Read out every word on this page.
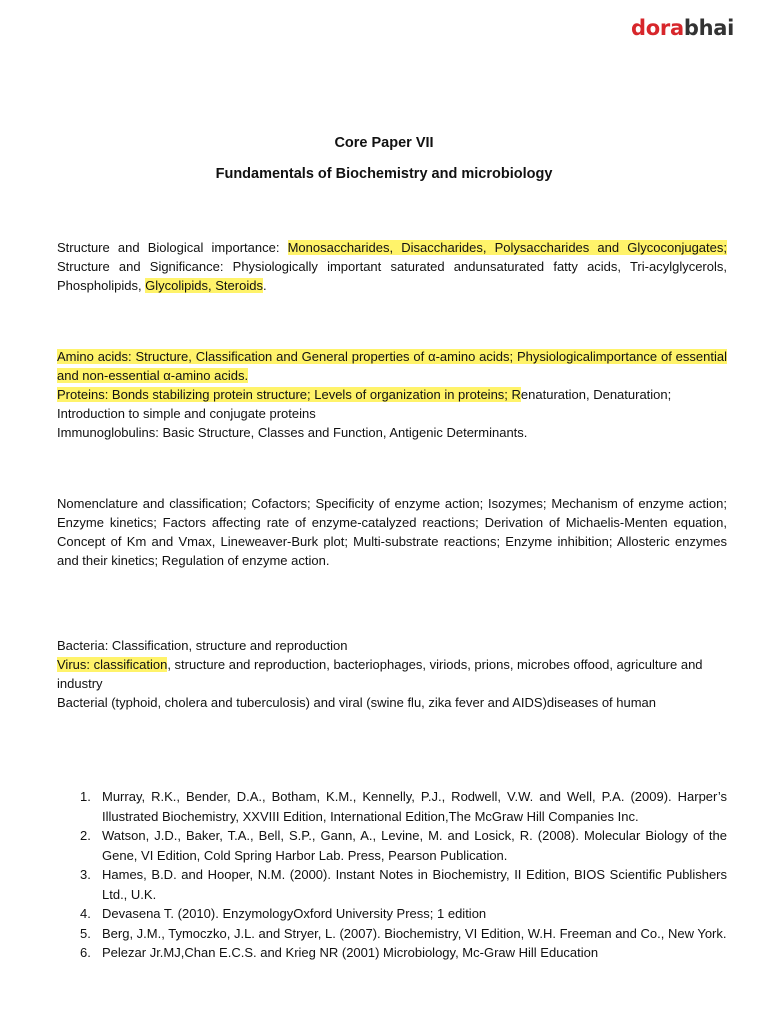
dorabhai
Core Paper VII
Fundamentals of Biochemistry and microbiology
Structure and Biological importance: Monosaccharides, Disaccharides, Polysaccharides and Glycoconjugates; Structure and Significance: Physiologically important saturated andunsaturated fatty acids, Tri-acylglycerols, Phospholipids, Glycolipids, Steroids.
Amino acids: Structure, Classification and General properties of α-amino acids; Physiologicalimportance of essential and non-essential α-amino acids.
Proteins: Bonds stabilizing protein structure; Levels of organization in proteins; Renaturation, Denaturation; Introduction to simple and conjugate proteins
Immunoglobulins: Basic Structure, Classes and Function, Antigenic Determinants.
Nomenclature and classification; Cofactors; Specificity of enzyme action; Isozymes; Mechanism of enzyme action; Enzyme kinetics; Factors affecting rate of enzyme-catalyzed reactions; Derivation of Michaelis-Menten equation, Concept of Km and Vmax, Lineweaver-Burk plot; Multi-substrate reactions; Enzyme inhibition; Allosteric enzymes and their kinetics; Regulation of enzyme action.
Bacteria: Classification, structure and reproduction
Virus: classification, structure and reproduction, bacteriophages, viriods, prions, microbes offood, agriculture and industry
Bacterial (typhoid, cholera and tuberculosis) and viral (swine flu, zika fever and AIDS)diseases of human
1. Murray, R.K., Bender, D.A., Botham, K.M., Kennelly, P.J., Rodwell, V.W. and Well, P.A. (2009). Harper’s Illustrated Biochemistry, XXVIII Edition, International Edition,The McGraw Hill Companies Inc.
2. Watson, J.D., Baker, T.A., Bell, S.P., Gann, A., Levine, M. and Losick, R. (2008). Molecular Biology of the Gene, VI Edition, Cold Spring Harbor Lab. Press, Pearson Publication.
3. Hames, B.D. and Hooper, N.M. (2000). Instant Notes in Biochemistry, II Edition, BIOS Scientific Publishers Ltd., U.K.
4. Devasena T. (2010). EnzymologyOxford University Press; 1 edition
5. Berg, J.M., Tymoczko, J.L. and Stryer, L. (2007). Biochemistry, VI Edition, W.H. Freeman and Co., New York.
6. Pelezar Jr.MJ,Chan E.C.S. and Krieg NR (2001) Microbiology, Mc-Graw Hill Education
